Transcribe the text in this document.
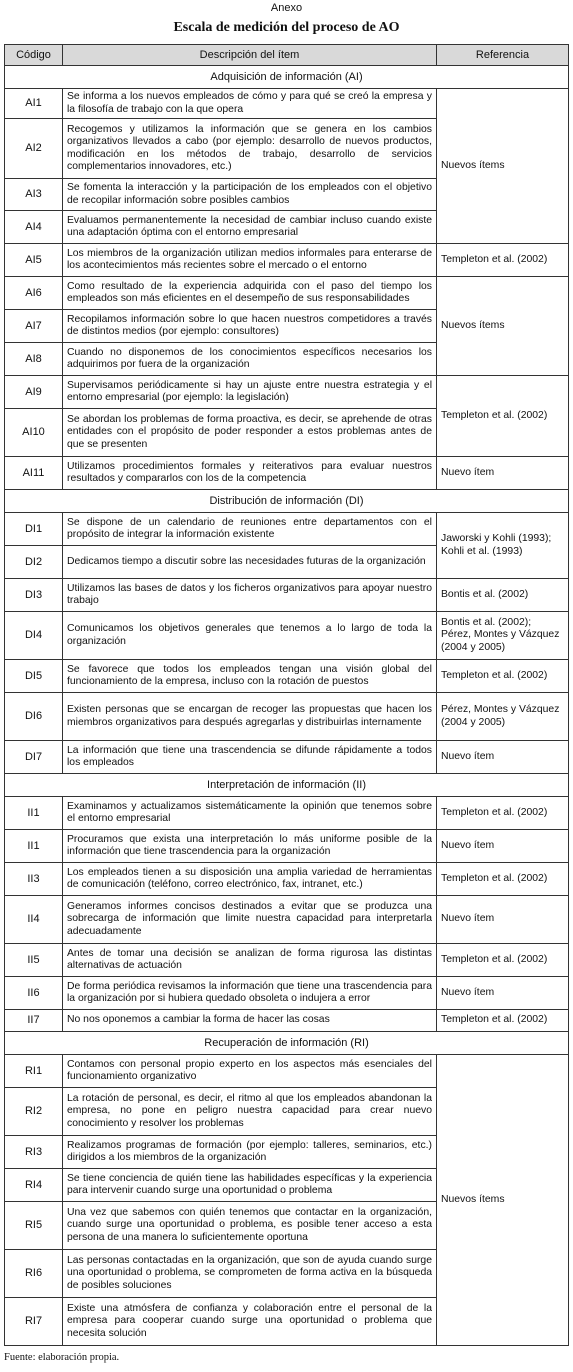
Anexo
Escala de medición del proceso de AO
Código	Descripción del ítem	Referencia
Adquisición de información (AI)		
AI1	Se informa a los nuevos empleados de cómo y para qué se creó la empresa y la filosofía de trabajo con la que opera	Nuevos ítems
AI2	Recogemos y utilizamos la información que se genera en los cambios organizativos llevados a cabo (por ejemplo: desarrollo de nuevos productos, modificación en los métodos de trabajo, desarrollo de servicios complementarios innovadores, etc.)	
AI3	Se fomenta la interacción y la participación de los empleados con el objetivo de recopilar información sobre posibles cambios	
AI4	Evaluamos permanentemente la necesidad de cambiar incluso cuando existe una adaptación óptima con el entorno empresarial	
AI5	Los miembros de la organización utilizan medios informales para enterarse de los acontecimientos más recientes sobre el mercado o el entorno	Templeton et al. (2002)
AI6	Como resultado de la experiencia adquirida con el paso del tiempo los empleados son más eficientes en el desempeño de sus responsabilidades	Nuevos ítems
AI7	Recopilamos información sobre lo que hacen nuestros competidores a través de distintos medios (por ejemplo: consultores)	
AI8	Cuando no disponemos de los conocimientos específicos necesarios los adquirimos por fuera de la organización	
AI9	Supervisamos periódicamente si hay un ajuste entre nuestra estrategia y el entorno empresarial (por ejemplo: la legislación)	Templeton et al. (2002)
AI10	Se abordan los problemas de forma proactiva, es decir, se aprehende de otras entidades con el propósito de poder responder a estos problemas antes de que se presenten	
AI11	Utilizamos procedimientos formales y reiterativos para evaluar nuestros resultados y compararlos con los de la competencia	Nuevo ítem
Distribución de información (DI)		
DI1	Se dispone de un calendario de reuniones entre departamentos con el propósito de integrar la información existente	Jaworski y Kohli (1993); Kohli et al. (1993)
DI2	Dedicamos tiempo a discutir sobre las necesidades futuras de la organización	
DI3	Utilizamos las bases de datos y los ficheros organizativos para apoyar nuestro trabajo	Bontis et al. (2002)
DI4	Comunicamos los objetivos generales que tenemos a lo largo de toda la organización	Bontis et al. (2002); Pérez, Montes y Vázquez (2004 y 2005)
DI5	Se favorece que todos los empleados tengan una visión global del funcionamiento de la empresa, incluso con la rotación de puestos	Templeton et al. (2002)
DI6	Existen personas que se encargan de recoger las propuestas que hacen los miembros organizativos para después agregarlas y distribuirlas internamente	Pérez, Montes y Vázquez (2004 y 2005)
DI7	La información que tiene una trascendencia se difunde rápidamente a todos los empleados	Nuevo ítem
Interpretación de información (II)		
II1	Examinamos y actualizamos sistemáticamente la opinión que tenemos sobre el entorno empresarial	Templeton et al. (2002)
II1	Procuramos que exista una interpretación lo más uniforme posible de la información que tiene trascendencia para la organización	Nuevo ítem
II3	Los empleados tienen a su disposición una amplia variedad de herramientas de comunicación (teléfono, correo electrónico, fax, intranet, etc.)	Templeton et al. (2002)
II4	Generamos informes concisos destinados a evitar que se produzca una sobrecarga de información que limite nuestra capacidad para interpretarla adecuadamente	Nuevo ítem
II5	Antes de tomar una decisión se analizan de forma rigurosa las distintas alternativas de actuación	Templeton et al. (2002)
II6	De forma periódica revisamos la información que tiene una trascendencia para la organización por si hubiera quedado obsoleta o indujera a error	Nuevo ítem
II7	No nos oponemos a cambiar la forma de hacer las cosas	Templeton et al. (2002)
Recuperación de información (RI)		
RI1	Contamos con personal propio experto en los aspectos más esenciales del funcionamiento organizativo	Nuevos ítems
RI2	La rotación de personal, es decir, el ritmo al que los empleados abandonan la empresa, no pone en peligro nuestra capacidad para crear nuevo conocimiento y resolver los problemas	
RI3	Realizamos programas de formación (por ejemplo: talleres, seminarios, etc.) dirigidos a los miembros de la organización	
RI4	Se tiene conciencia de quién tiene las habilidades específicas y la experiencia para intervenir cuando surge una oportunidad o problema	
RI5	Una vez que sabemos con quién tenemos que contactar en la organización, cuando surge una oportunidad o problema, es posible tener acceso a esta persona de una manera lo suficientemente oportuna	
RI6	Las personas contactadas en la organización, que son de ayuda cuando surge una oportunidad o problema, se comprometen de forma activa en la búsqueda de posibles soluciones	
RI7	Existe una atmósfera de confianza y colaboración entre el personal de la empresa para cooperar cuando surge una oportunidad o problema que necesita solución	
Fuente: elaboración propia.
